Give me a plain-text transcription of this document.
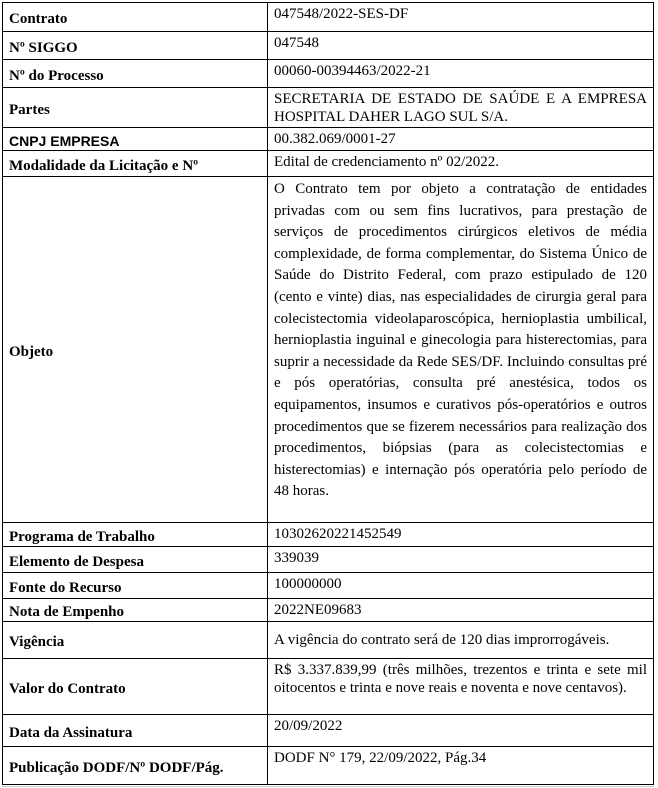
Contrato	047548/2022-SES-DF
Nº SIGGO	047548
Nº do Processo	00060-00394463/2022-21
Partes	SECRETARIA DE ESTADO DE SAÚDE E A EMPRESA HOSPITAL DAHER LAGO SUL S/A.
CNPJ EMPRESA	00.382.069/0001-27
Modalidade da Licitação e Nº	Edital de credenciamento nº 02/2022.
Objeto	O Contrato tem por objeto a contratação de entidades privadas com ou sem fins lucrativos, para prestação de serviços de procedimentos cirúrgicos eletivos de média complexidade, de forma complementar, do Sistema Único de Saúde do Distrito Federal, com prazo estipulado de 120 (cento e vinte) dias, nas especialidades de cirurgia geral para colecistectomia videolaparoscópica, hernioplastia umbilical, hernioplastia inguinal e ginecologia para histerectomias, para suprir a necessidade da Rede SES/DF. Incluindo consultas pré e pós operatórias, consulta pré anestésica, todos os equipamentos, insumos e curativos pós-operatórios e outros procedimentos que se fizerem necessários para realização dos procedimentos, biópsias (para as colecistectomias e histerectomias) e internação pós operatória pelo período de 48 horas.
Programa de Trabalho	10302620221452549
Elemento de Despesa	339039
Fonte do Recurso	100000000
Nota de Empenho	2022NE09683
Vigência	A vigência do contrato será de 120 dias improrrogáveis.
Valor do Contrato	R$ 3.337.839,99 (três milhões, trezentos e trinta e sete mil oitocentos e trinta e nove reais e noventa e nove centavos).
Data da Assinatura	20/09/2022
Publicação DODF/Nº DODF/Pág.	DODF N° 179, 22/09/2022, Pág.34
